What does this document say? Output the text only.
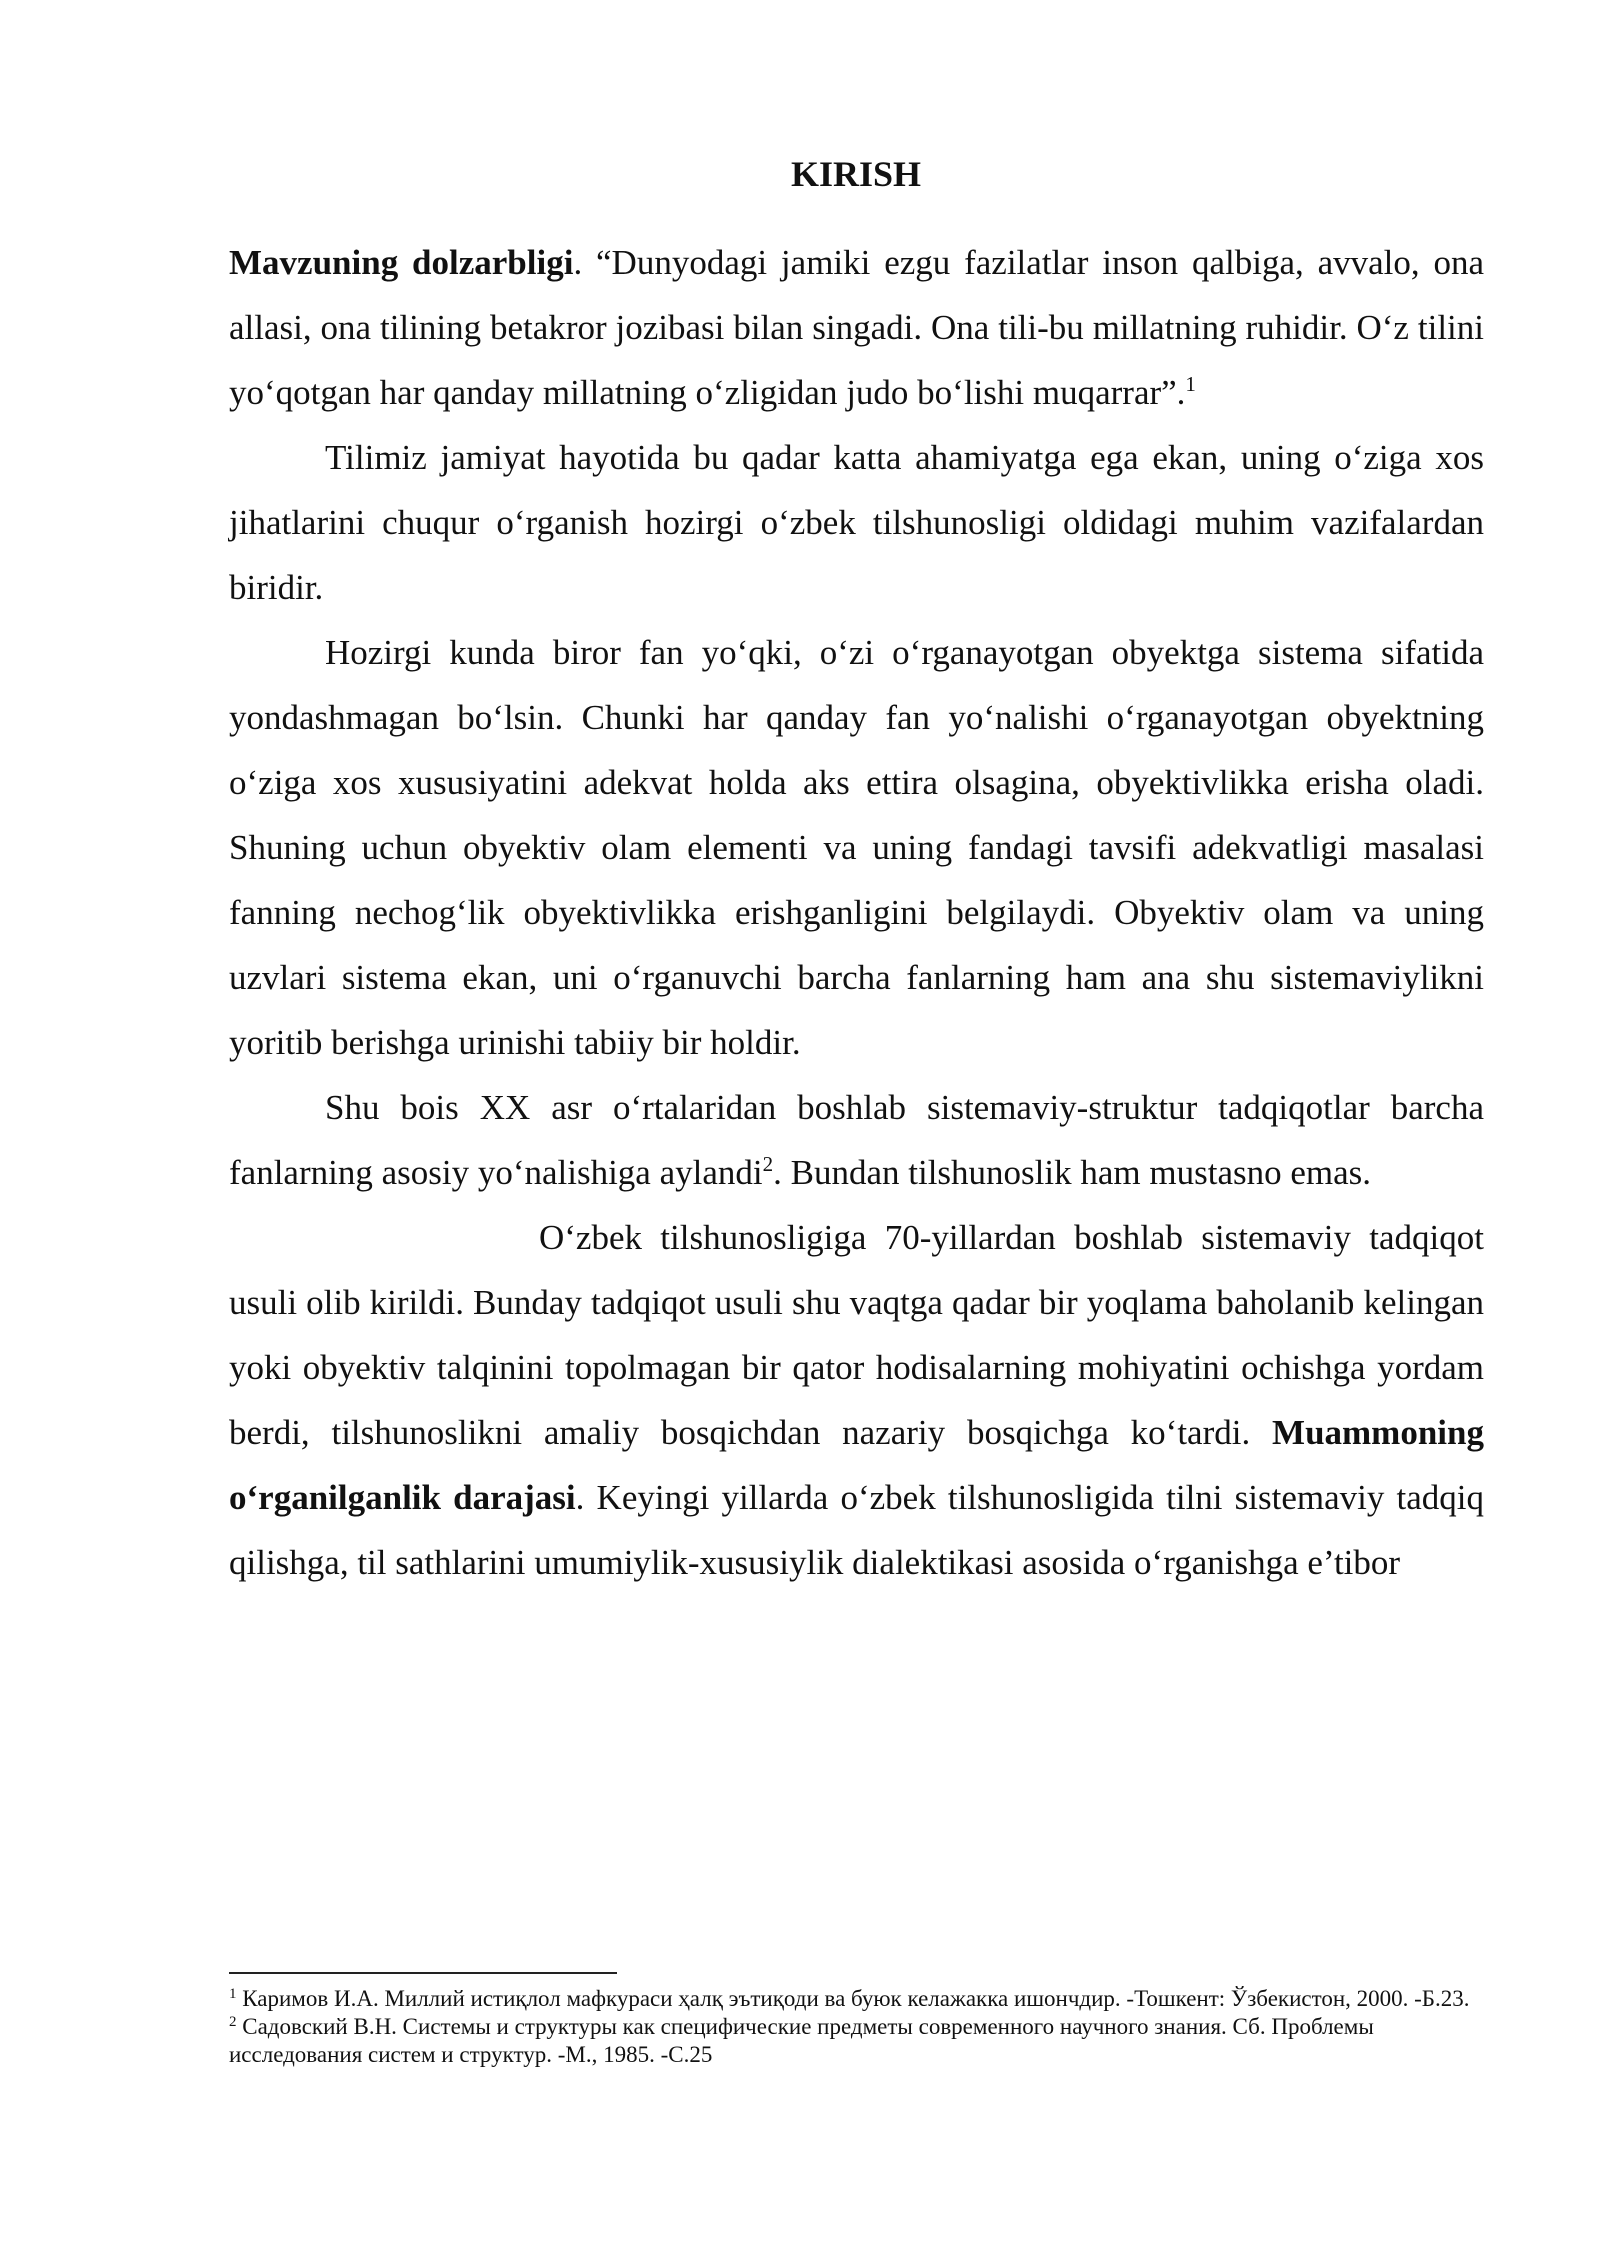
KIRISH

Mavzuning dolzarbligi. “Dunyodagi jamiki ezgu fazilatlar inson qalbiga, avvalo, ona allasi, ona tilining betakror jozibasi bilan singadi. Ona tili-bu millatning ruhidir. O‘z tilini yo‘qotgan har qanday millatning o‘zligidan judo bo‘lishi muqarrar”.$^1$

Tilimiz jamiyat hayotida bu qadar katta ahamiyatga ega ekan, uning o‘ziga xos jihatlarini chuqur o‘rganish hozirgi o‘zbek tilshunosligi oldidagi muhim vazifalardan biridir.

Hozirgi kunda biror fan yo‘qki, o‘zi o‘rganayotgan obyektga sistema sifatida yondashmagan bo‘lsin. Chunki har qanday fan yo‘nalishi o‘rganayotgan obyektning o‘ziga xos xususiyatini adekvat holda aks ettira olsagina, obyektivlikka erisha oladi. Shuning uchun obyektiv olam elementi va uning fandagi tavsifi adekvatligi masalasi fanning nechog‘lik obyektivlikka erishganligini belgilaydi. Obyektiv olam va uning uzvlari sistema ekan, uni o‘rganuvchi barcha fanlarning ham ana shu sistemaviylikni yoritib berishga urinishi tabiiy bir holdir.

Shu bois XX asr o‘rtalaridan boshlab sistemaviy-struktur tadqiqotlar barcha fanlarning asosiy yo‘nalishiga aylandi$^2$. Bundan tilshunoslik ham mustasno emas.

O‘zbek tilshunosligiga 70-yillardan boshlab sistemaviy tadqiqot usuli olib kirildi. Bunday tadqiqot usuli shu vaqtga qadar bir yoqlama baholanib kelingan yoki obyektiv talqinini topolmagan bir qator hodisalarning mohiyatini ochishga yordam berdi, tilshunoslikni amaliy bosqichdan nazariy bosqichga ko‘tardi. Muammoning o‘rganilganlik darajasi. Keyingi yillarda o‘zbek tilshunosligida tilni sistemaviy tadqiq qilishga, til sathlarini umumiylik-xususiylik dialektikasi asosida o‘rganishga e’tibor

$^1$ Каримов И.А. Миллий истиқлол мафкураси ҳалқ эътиқоди ва буюк келажакка ишончдир. -Тошкент: Ўзбекистон, 2000. -Б.23.

$^2$ Садовский В.Н. Системы и структуры как специфические предметы современного научного знания. Сб. Проблемы исследования систем и структур. -М., 1985. -С.25
